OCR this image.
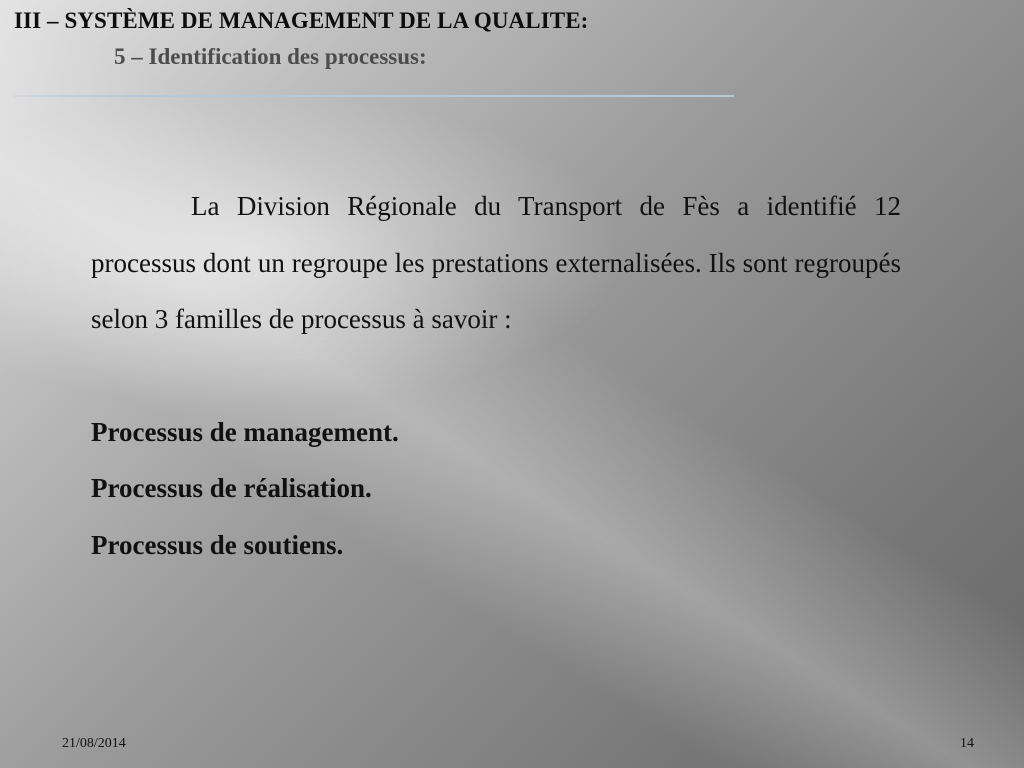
III – SYSTÈME DE MANAGEMENT DE LA QUALITE:
5 – Identification des processus:

La Division Régionale du Transport de Fès a identifié 12 processus dont un regroupe les prestations externalisées. Ils sont regroupés selon 3 familles de processus à savoir :

Processus de management.
Processus de réalisation.
Processus de soutiens.
21/08/2014	14
